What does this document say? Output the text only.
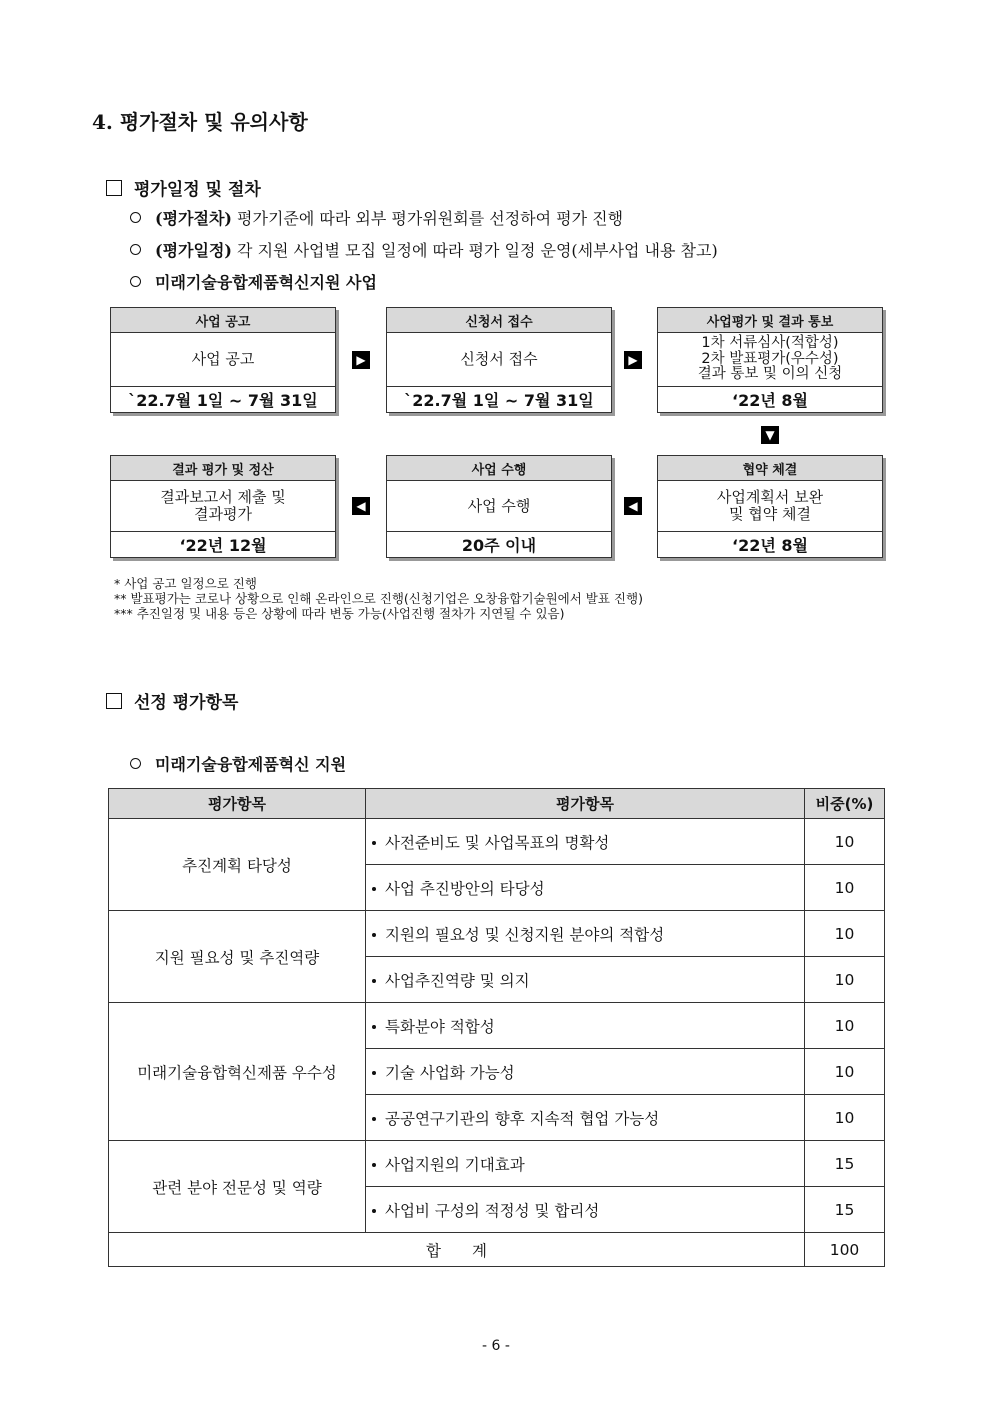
4. 평가절차 및 유의사항
평가일정 및 절차
(평가절차) 평가기준에 따라 외부 평가위원회를 선정하여 평가 진행
(평가일정) 각 지원 사업별 모집 일정에 따라 평가 일정 운영(세부사업 내용 참고)
미래기술융합제품혁신지원 사업
사업 공고
사업 공고
`22.7월 1일 ~ 7월 31일
▶
신청서 접수
신청서 접수
`22.7월 1일 ~ 7월 31일
▶
사업평가 및 결과 통보
1차 서류심사(적합성)
2차 발표평가(우수성)
결과 통보 및 이의 신청
‘22년 8월
▼
결과 평가 및 정산
결과보고서 제출 및
결과평가
‘22년 12월
◀
사업 수행
사업 수행
20주 이내
◀
협약 체결
사업계획서 보완
및 협약 체결
‘22년 8월
* 사업 공고 일정으로 진행
** 발표평가는 코로나 상황으로 인해 온라인으로 진행(신청기업은 오창융합기술원에서 발표 진행)
*** 추진일정 및 내용 등은 상황에 따라 변동 가능(사업진행 절차가 지연될 수 있음)
선정 평가항목
미래기술융합제품혁신 지원
평가항목	평가항목	비중(%)
추진계획 타당성	사전준비도 및 사업목표의 명확성	10
	사업 추진방안의 타당성	10
지원 필요성 및 추진역량	지원의 필요성 및 신청지원 분야의 적합성	10
	사업추진역량 및 의지	10
미래기술융합혁신제품 우수성	특화분야 적합성	10
	기술 사업화 가능성	10
	공공연구기관의 향후 지속적 협업 가능성	10
관련 분야 전문성 및 역량	사업지원의 기대효과	15
	사업비 구성의 적정성 및 합리성	15
합　　계		100
- 6 -
